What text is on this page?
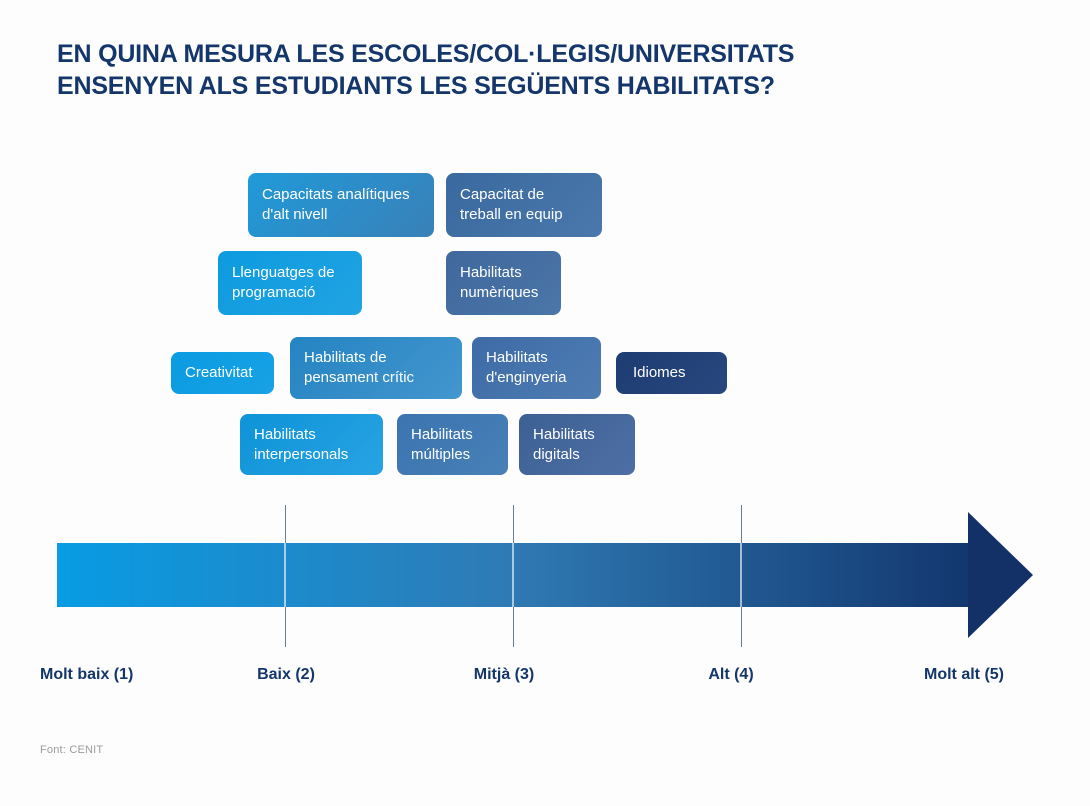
EN QUINA MESURA LES ESCOLES/COL·LEGIS/UNIVERSITATS
ENSENYEN ALS ESTUDIANTS LES SEGÜENTS HABILITATS?
Capacitats analítiques
d'alt nivell
Capacitat de
treball en equip
Llenguatges de
programació
Habilitats
numèriques
Creativitat
Habilitats de
pensament crític
Habilitats
d'enginyeria	Idiomes
Habilitats
interpersonals
Habilitats
múltiples
Habilitats
digitals
Molt baix (1)	Baix (2)	Mitjà (3)	Alt (4)	Molt alt (5)
Font: CENIT
